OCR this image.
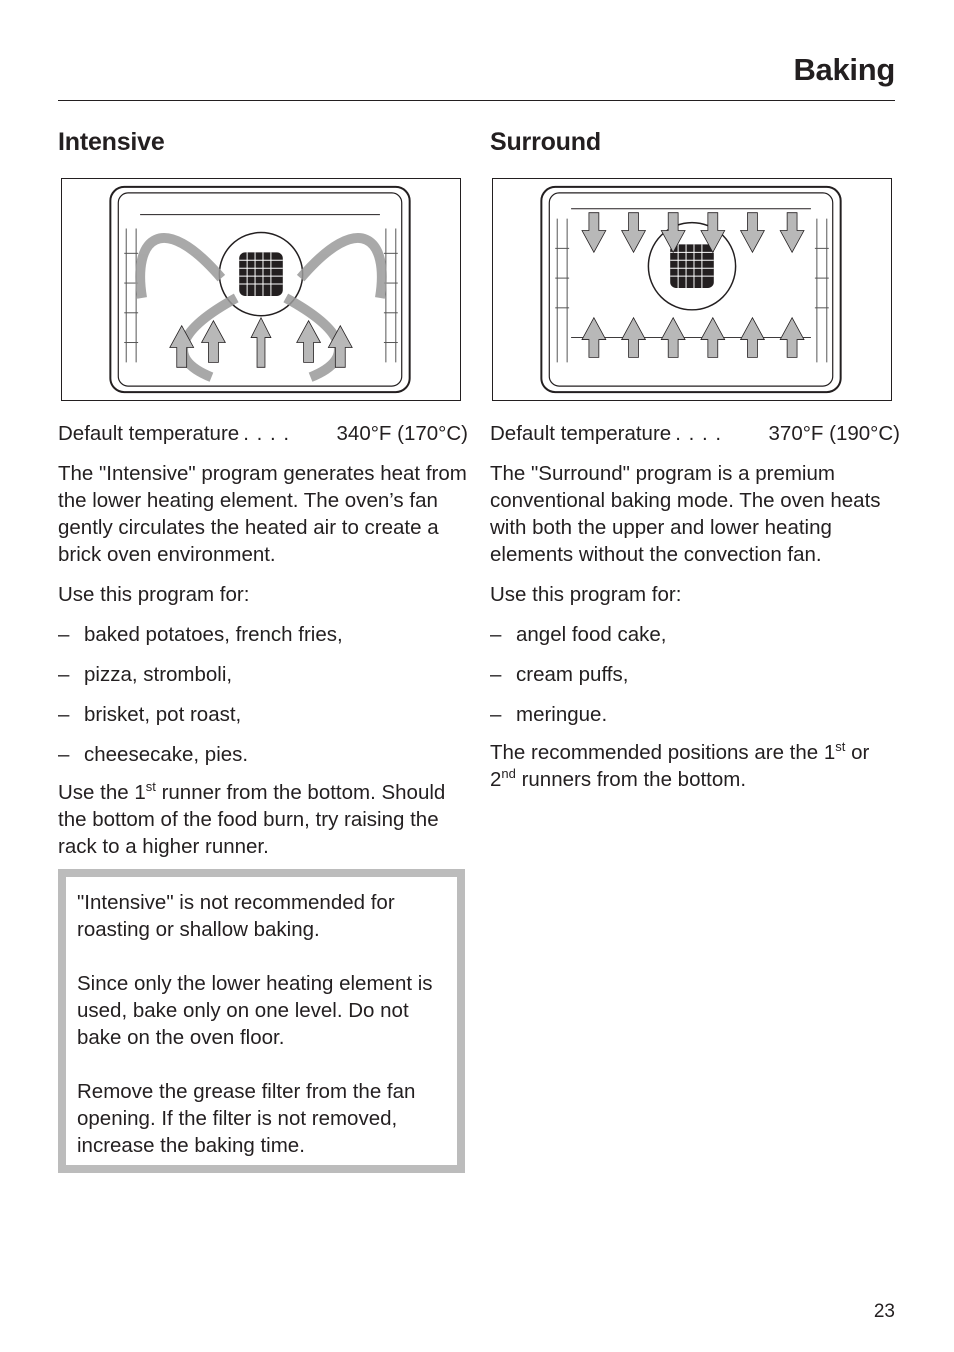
Baking
Intensive
Default temperature . . . .	340°F (170°C)

The "Intensive" program generates heat from the lower heating element. The oven’s fan gently circulates the heated air to create a brick oven environment.

Use this program for:

– baked potatoes, french fries,
– pizza, stromboli,
– brisket, pot roast,
– cheesecake, pies.

Use the 1st runner from the bottom. Should the bottom of the food burn, try raising the rack to a higher runner.

"Intensive" is not recommended for roasting or shallow baking.

Since only the lower heating element is used, bake only on one level. Do not bake on the oven floor.

Remove the grease filter from the fan opening. If the filter is not removed, increase the baking time.

Surround
Default temperature . . . .	370°F (190°C)

The "Surround" program is a premium conventional baking mode. The oven heats with both the upper and lower heating elements without the convection fan.

Use this program for:

– angel food cake,
– cream puffs,
– meringue.

The recommended positions are the 1st or 2nd runners from the bottom.

23
